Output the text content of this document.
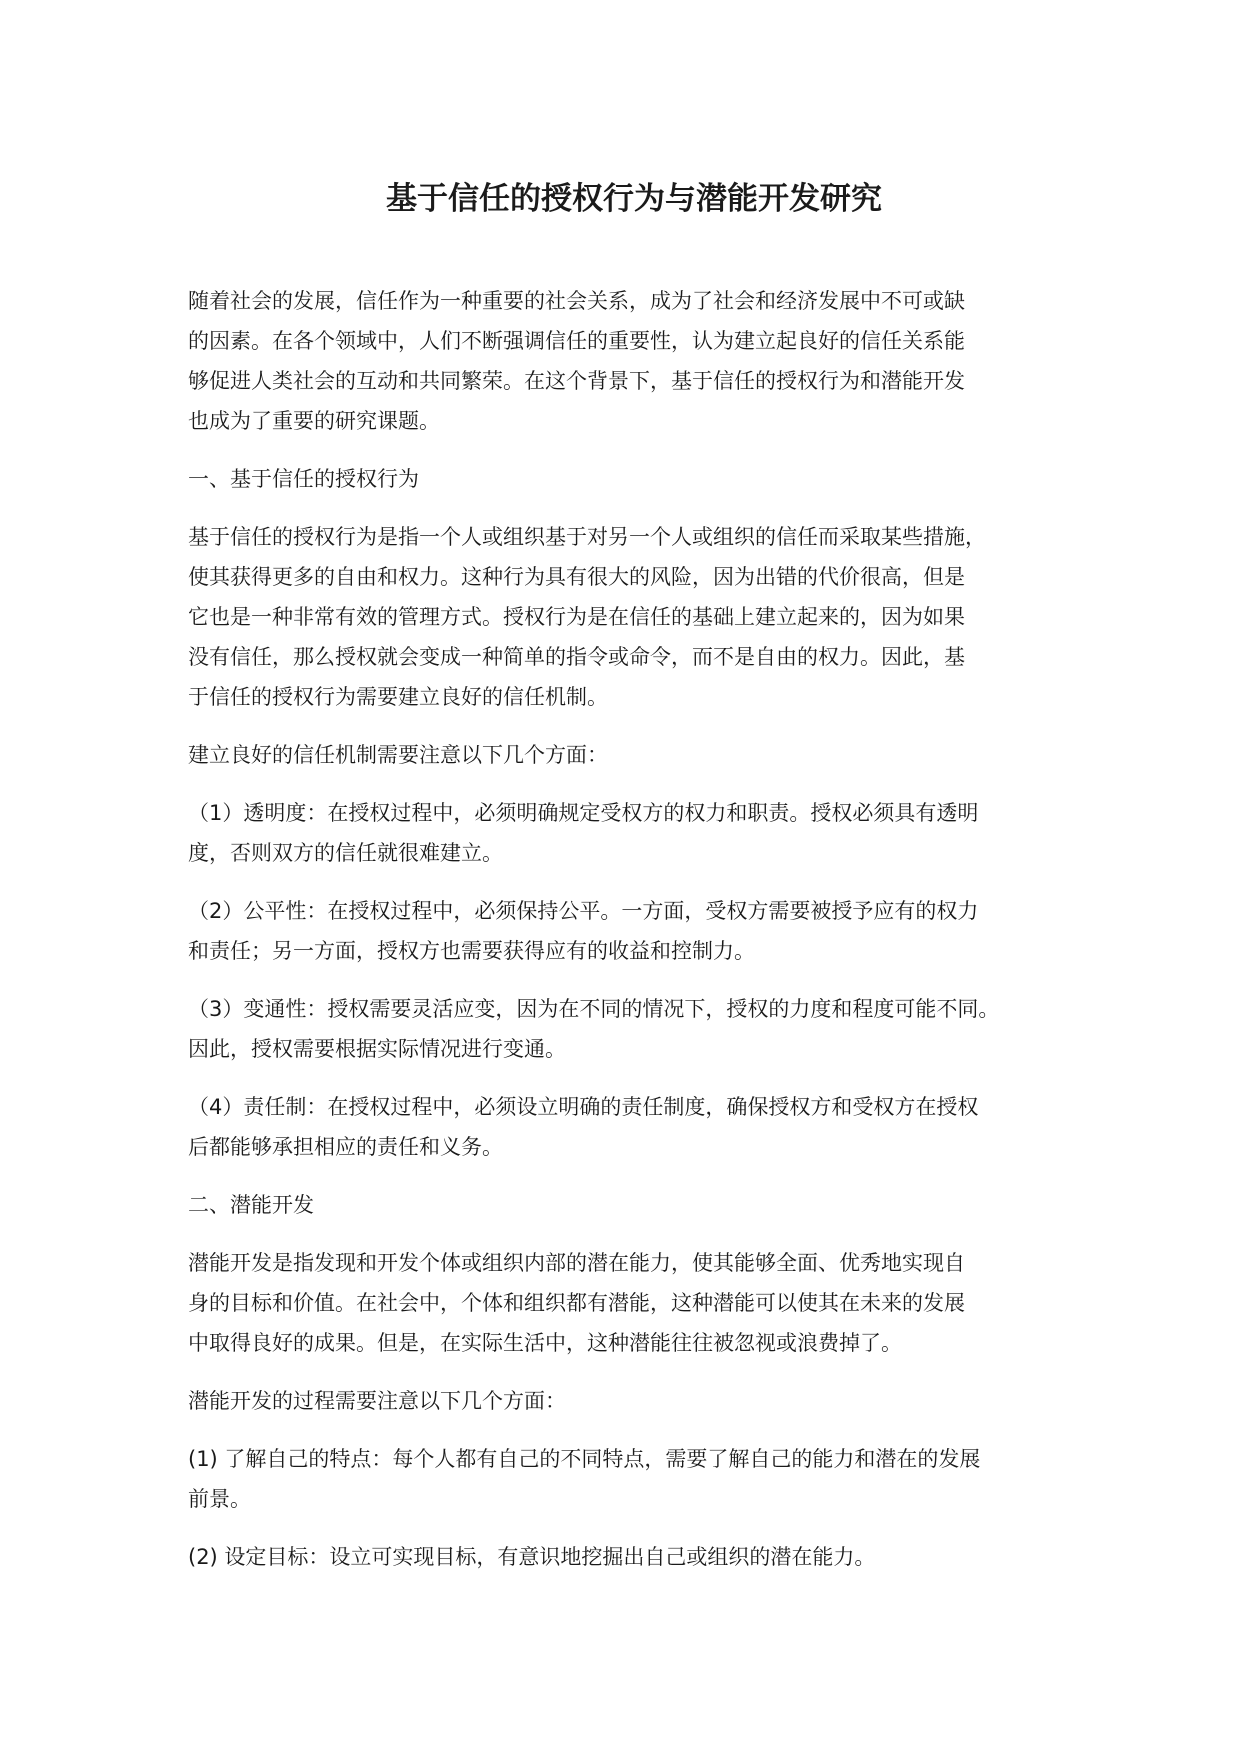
基于信任的授权行为与潜能开发研究

随着社会的发展，信任作为一种重要的社会关系，成为了社会和经济发展中不可或缺
的因素。在各个领域中，人们不断强调信任的重要性，认为建立起良好的信任关系能
够促进人类社会的互动和共同繁荣。在这个背景下，基于信任的授权行为和潜能开发
也成为了重要的研究课题。

一、基于信任的授权行为

基于信任的授权行为是指一个人或组织基于对另一个人或组织的信任而采取某些措施，
使其获得更多的自由和权力。这种行为具有很大的风险，因为出错的代价很高，但是
它也是一种非常有效的管理方式。授权行为是在信任的基础上建立起来的，因为如果
没有信任，那么授权就会变成一种简单的指令或命令，而不是自由的权力。因此，基
于信任的授权行为需要建立良好的信任机制。

建立良好的信任机制需要注意以下几个方面：

（1）透明度：在授权过程中，必须明确规定受权方的权力和职责。授权必须具有透明
度，否则双方的信任就很难建立。

（2）公平性：在授权过程中，必须保持公平。一方面，受权方需要被授予应有的权力
和责任；另一方面，授权方也需要获得应有的收益和控制力。

（3）变通性：授权需要灵活应变，因为在不同的情况下，授权的力度和程度可能不同。
因此，授权需要根据实际情况进行变通。

（4）责任制：在授权过程中，必须设立明确的责任制度，确保授权方和受权方在授权
后都能够承担相应的责任和义务。

二、潜能开发

潜能开发是指发现和开发个体或组织内部的潜在能力，使其能够全面、优秀地实现自
身的目标和价值。在社会中，个体和组织都有潜能，这种潜能可以使其在未来的发展
中取得良好的成果。但是，在实际生活中，这种潜能往往被忽视或浪费掉了。

潜能开发的过程需要注意以下几个方面：

(1) 了解自己的特点：每个人都有自己的不同特点，需要了解自己的能力和潜在的发展
前景。

(2) 设定目标：设立可实现目标，有意识地挖掘出自己或组织的潜在能力。
